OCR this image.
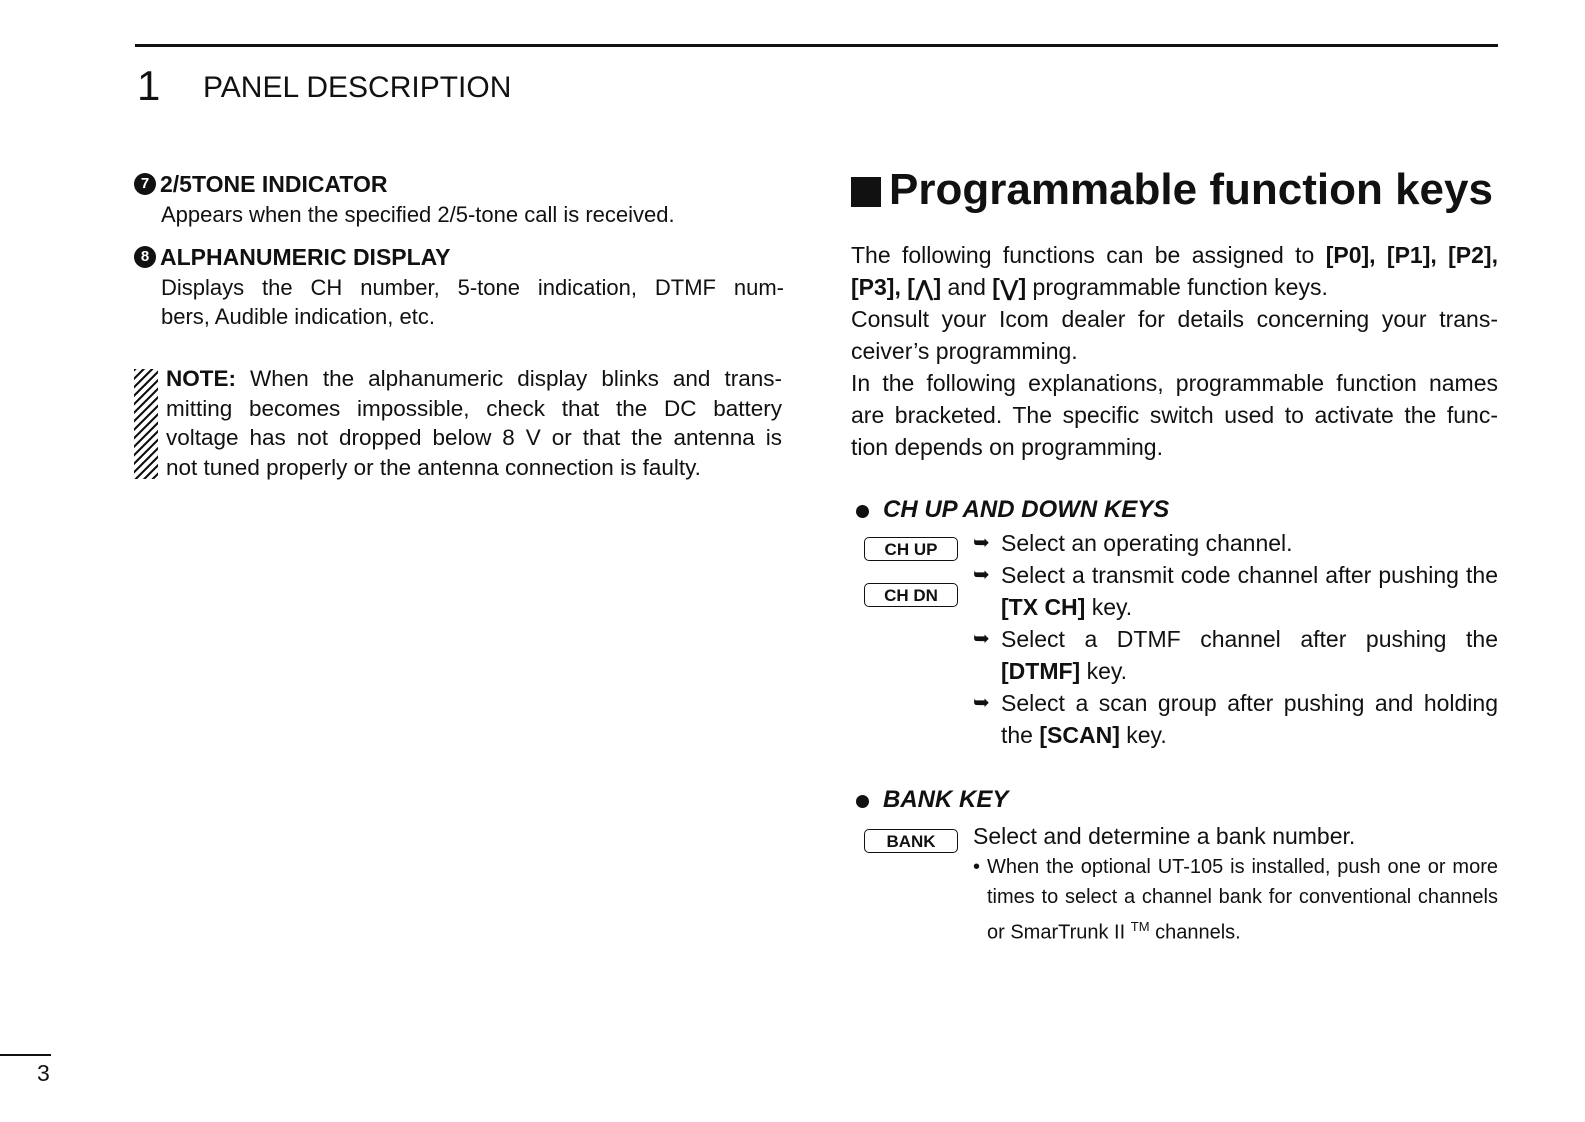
1 PANEL DESCRIPTION
7 2/5TONE INDICATOR
Appears when the specified 2/5-tone call is received.
8 ALPHANUMERIC DISPLAY
Displays the CH number, 5-tone indication, DTMF num-
bers, Audible indication, etc.
NOTE: When the alphanumeric display blinks and trans-
mitting becomes impossible, check that the DC battery
voltage has not dropped below 8 V or that the antenna is
not tuned properly or the antenna connection is faulty.
Programmable function keys
The following functions can be assigned to [P0], [P1], [P2],
[P3], [⋀] and [⋁] programmable function keys.
Consult your Icom dealer for details concerning your trans-
ceiver’s programming.
In the following explanations, programmable function names
are bracketed. The specific switch used to activate the func-
tion depends on programming.
CH UP AND DOWN KEYS
CH UP
CH DN
➥ Select an operating channel.
➥ Select a transmit code channel after pushing the [TX CH] key.
➥ Select a DTMF channel after pushing the [DTMF] key.
➥ Select a scan group after pushing and holding the [SCAN] key.
BANK KEY
BANK	Select and determine a bank number.
• When the optional UT-105 is installed, push one or more times to select a channel bank for conventional channels or SmarTrunk II ™ channels.
3
